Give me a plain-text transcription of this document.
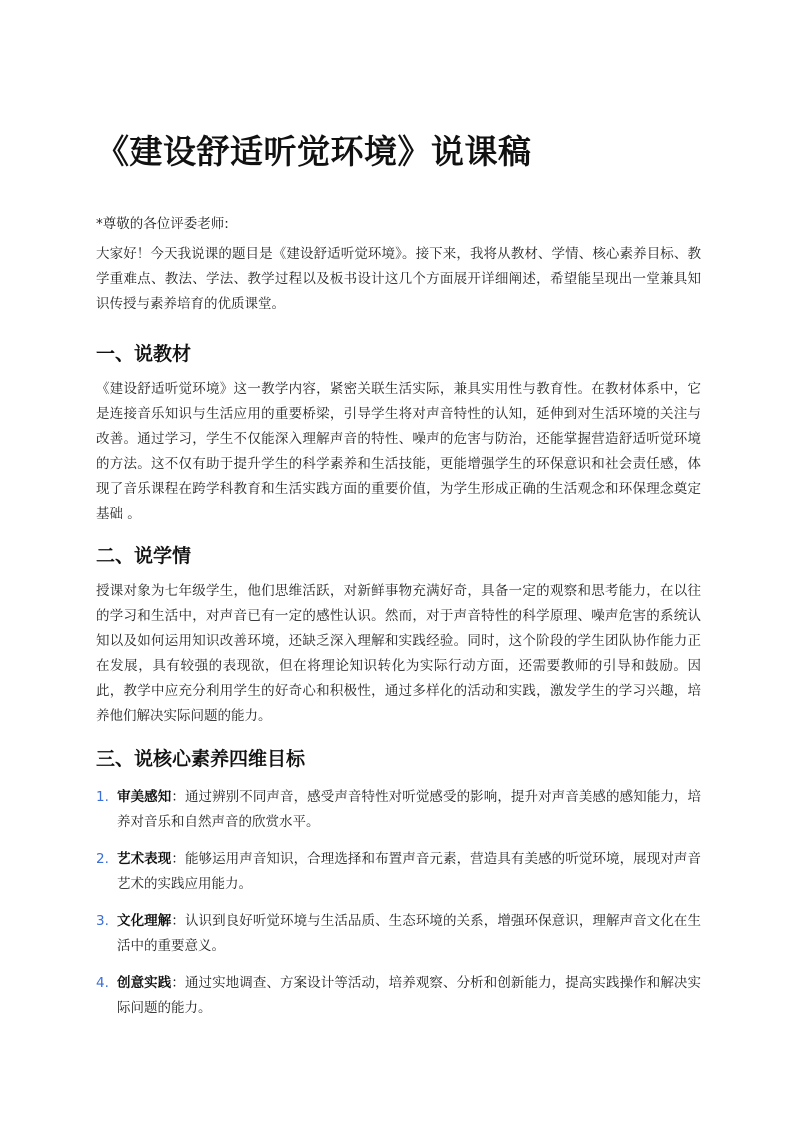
《建设舒适听觉环境》说课稿
*尊敬的各位评委老师:

大家好！今天我说课的题目是《建设舒适听觉环境》。接下来，我将从教材、学情、核心素养目标、教学重难点、教法、学法、教学过程以及板书设计这几个方面展开详细阐述，希望能呈现出一堂兼具知识传授与素养培育的优质课堂。

一、说教材

《建设舒适听觉环境》这一教学内容，紧密关联生活实际，兼具实用性与教育性。在教材体系中，它是连接音乐知识与生活应用的重要桥梁，引导学生将对声音特性的认知，延伸到对生活环境的关注与改善。通过学习，学生不仅能深入理解声音的特性、噪声的危害与防治，还能掌握营造舒适听觉环境的方法。这不仅有助于提升学生的科学素养和生活技能，更能增强学生的环保意识和社会责任感，体现了音乐课程在跨学科教育和生活实践方面的重要价值，为学生形成正确的生活观念和环保理念奠定基础 。

二、说学情

授课对象为七年级学生，他们思维活跃，对新鲜事物充满好奇，具备一定的观察和思考能力，在以往的学习和生活中，对声音已有一定的感性认识。然而，对于声音特性的科学原理、噪声危害的系统认知以及如何运用知识改善环境，还缺乏深入理解和实践经验。同时，这个阶段的学生团队协作能力正在发展，具有较强的表现欲，但在将理论知识转化为实际行动方面，还需要教师的引导和鼓励。因此，教学中应充分利用学生的好奇心和积极性，通过多样化的活动和实践，激发学生的学习兴趣，培养他们解决实际问题的能力。

三、说核心素养四维目标
1. 审美感知：通过辨别不同声音，感受声音特性对听觉感受的影响，提升对声音美感的感知能力，培养对音乐和自然声音的欣赏水平。
2. 艺术表现：能够运用声音知识，合理选择和布置声音元素，营造具有美感的听觉环境，展现对声音艺术的实践应用能力。
3. 文化理解：认识到良好听觉环境与生活品质、生态环境的关系，增强环保意识，理解声音文化在生活中的重要意义。
4. 创意实践：通过实地调查、方案设计等活动，培养观察、分析和创新能力，提高实践操作和解决实际问题的能力。
